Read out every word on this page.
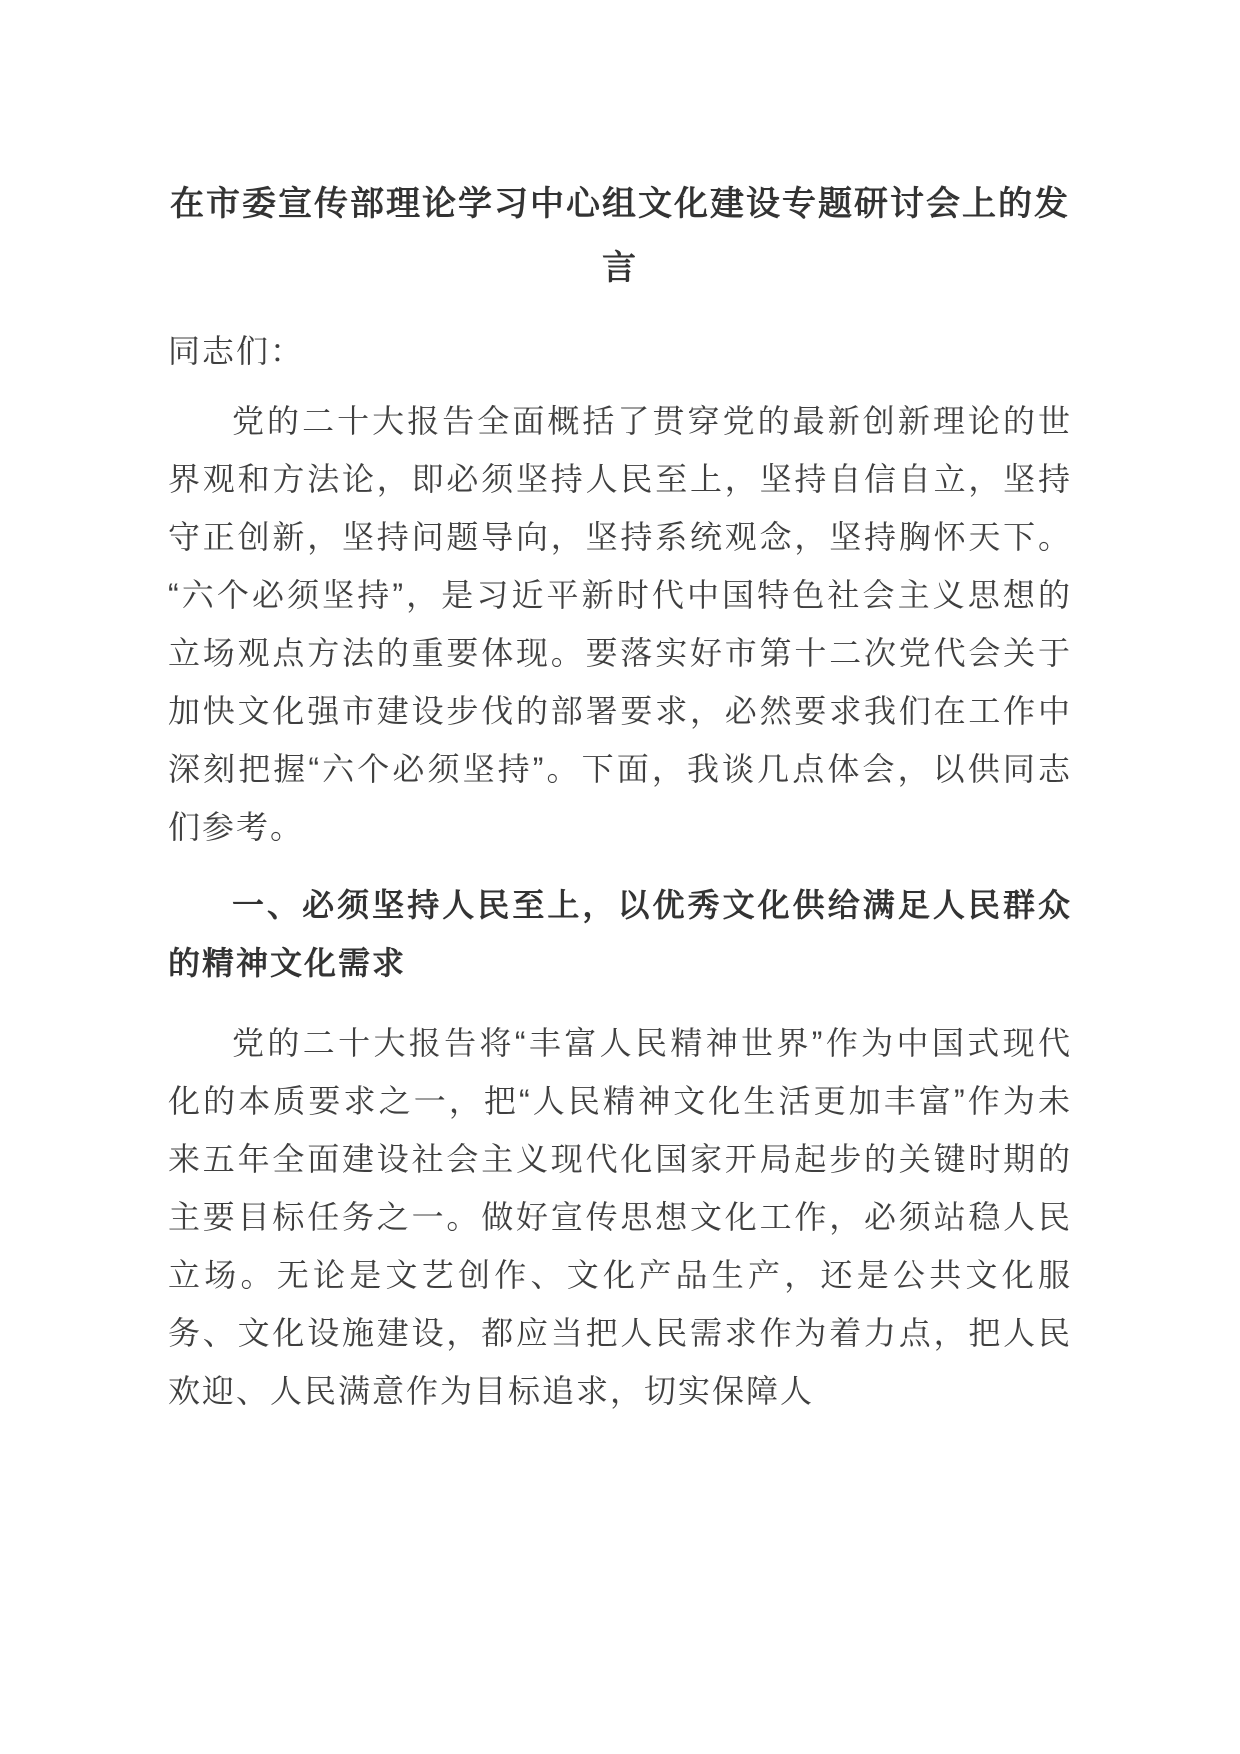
在市委宣传部理论学习中心组文化建设专题研讨会上的发言

同志们：

党的二十大报告全面概括了贯穿党的最新创新理论的世界观和方法论，即必须坚持人民至上，坚持自信自立，坚持守正创新，坚持问题导向，坚持系统观念，坚持胸怀天下。“六个必须坚持”，是习近平新时代中国特色社会主义思想的立场观点方法的重要体现。要落实好市第十二次党代会关于加快文化强市建设步伐的部署要求，必然要求我们在工作中深刻把握“六个必须坚持”。下面，我谈几点体会，以供同志们参考。

一、必须坚持人民至上，以优秀文化供给满足人民群众的精神文化需求

党的二十大报告将“丰富人民精神世界”作为中国式现代化的本质要求之一，把“人民精神文化生活更加丰富”作为未来五年全面建设社会主义现代化国家开局起步的关键时期的主要目标任务之一。做好宣传思想文化工作，必须站稳人民立场。无论是文艺创作、文化产品生产，还是公共文化服务、文化设施建设，都应当把人民需求作为着力点，把人民欢迎、人民满意作为目标追求，切实保障人
